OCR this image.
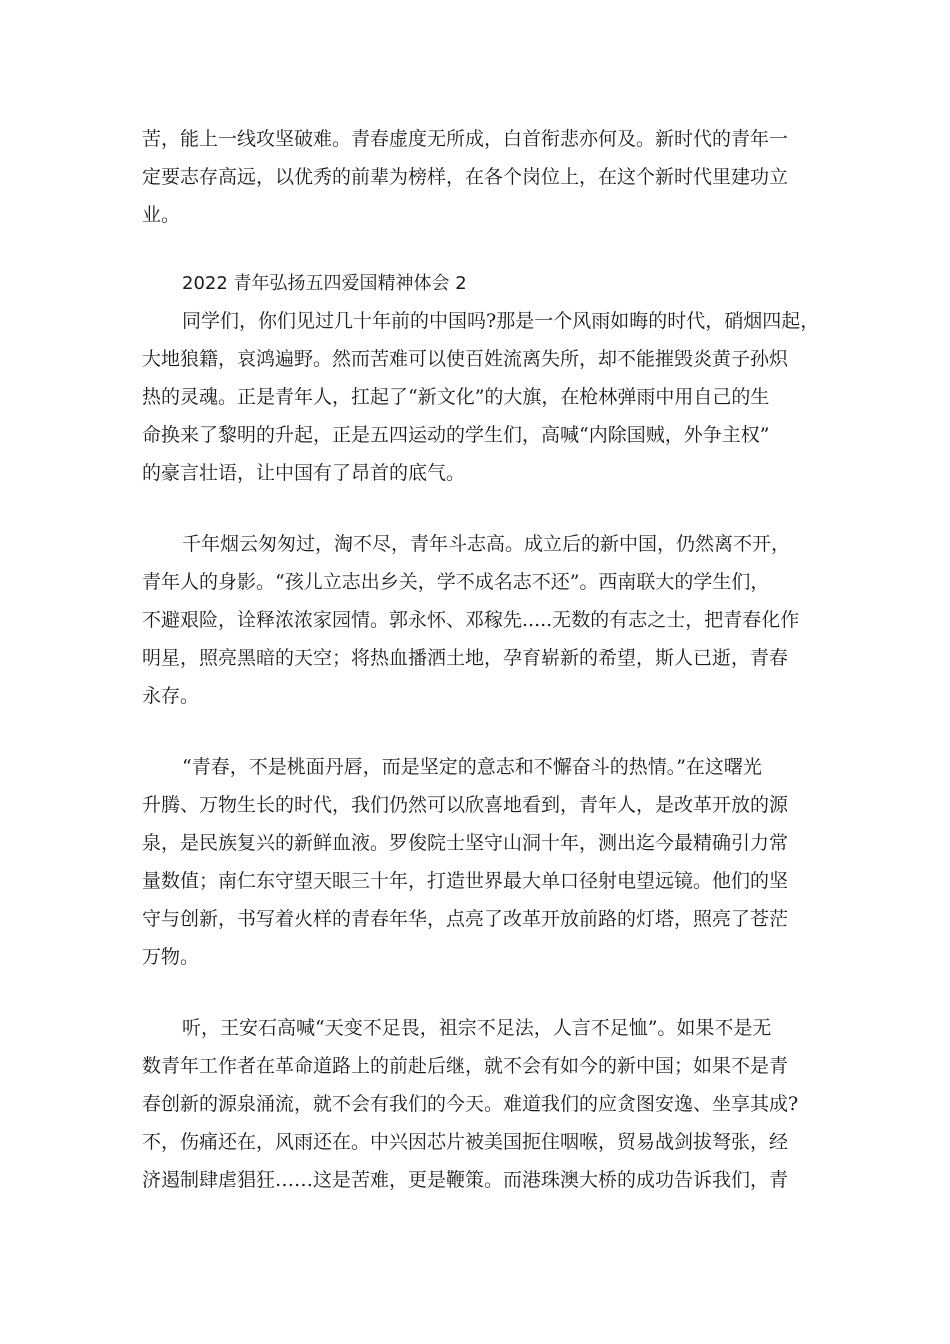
苦，能上一线攻坚破难。青春虚度无所成，白首衔悲亦何及。新时代的青年一
定要志存高远，以优秀的前辈为榜样，在各个岗位上，在这个新时代里建功立
业。
2022 青年弘扬五四爱国精神体会 2
同学们，你们见过几十年前的中国吗?那是一个风雨如晦的时代，硝烟四起，
大地狼籍，哀鸿遍野。然而苦难可以使百姓流离失所，却不能摧毁炎黄子孙炽
热的灵魂。正是青年人，扛起了“新文化”的大旗，在枪林弹雨中用自己的生
命换来了黎明的升起，正是五四运动的学生们，高喊“内除国贼，外争主权”
的豪言壮语，让中国有了昂首的底气。
千年烟云匆匆过，淘不尽，青年斗志高。成立后的新中国，仍然离不开，
青年人的身影。“孩儿立志出乡关，学不成名志不还”。西南联大的学生们，
不避艰险，诠释浓浓家园情。郭永怀、邓稼先.....无数的有志之士，把青春化作
明星，照亮黑暗的天空；将热血播洒土地，孕育崭新的希望，斯人已逝，青春
永存。
“青春，不是桃面丹唇，而是坚定的意志和不懈奋斗的热情。”在这曙光
升腾、万物生长的时代，我们仍然可以欣喜地看到，青年人，是改革开放的源
泉，是民族复兴的新鲜血液。罗俊院士坚守山洞十年，测出迄今最精确引力常
量数值；南仁东守望天眼三十年，打造世界最大单口径射电望远镜。他们的坚
守与创新，书写着火样的青春年华，点亮了改革开放前路的灯塔，照亮了苍茫
万物。
听，王安石高喊“天变不足畏，祖宗不足法，人言不足恤”。如果不是无
数青年工作者在革命道路上的前赴后继，就不会有如今的新中国；如果不是青
春创新的源泉涌流，就不会有我们的今天。难道我们的应贪图安逸、坐享其成?
不，伤痛还在，风雨还在。中兴因芯片被美国扼住咽喉，贸易战剑拔弩张，经
济遏制肆虐猖狂……这是苦难，更是鞭策。而港珠澳大桥的成功告诉我们，青
